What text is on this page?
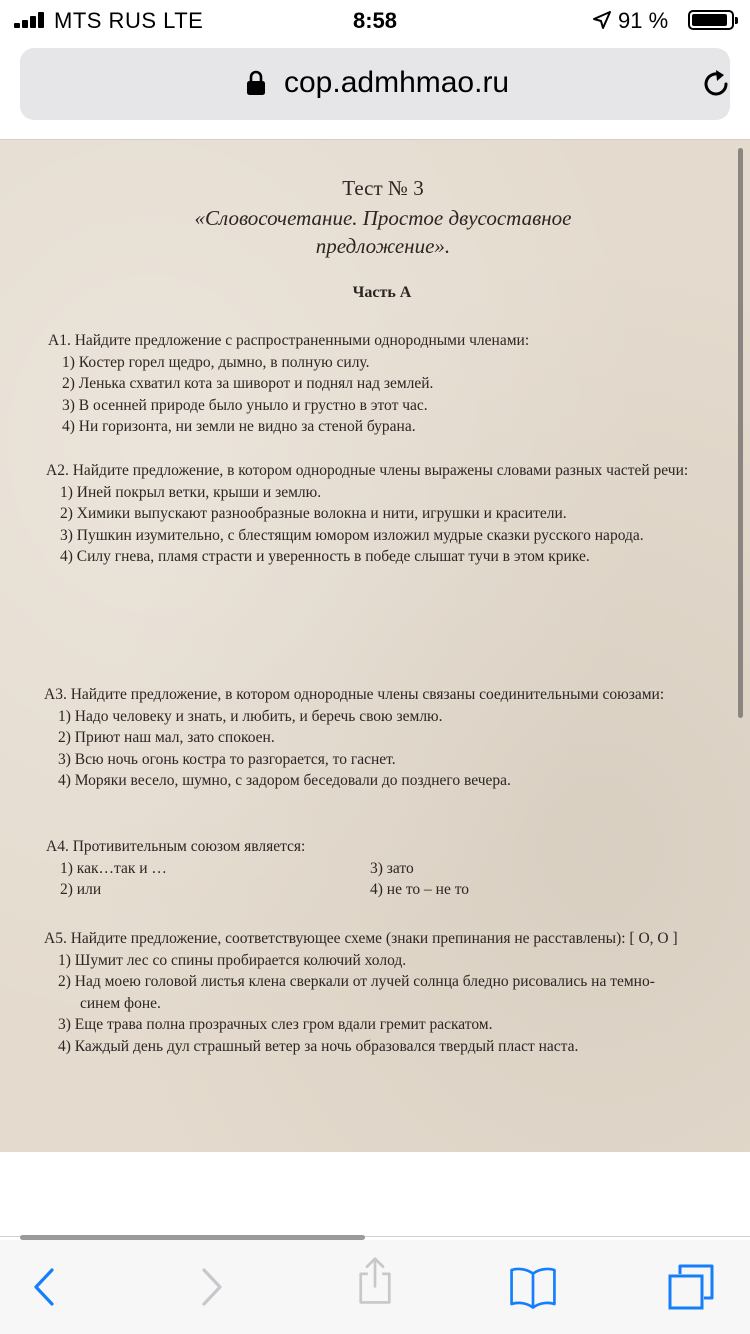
MTS RUS LTE	8:58	91 %
cop.admhmao.ru
Тест № 3
«Словосочетание. Простое двусоставное предложение».
Часть А
А1. Найдите предложение с распространенными однородными членами:
1) Костер горел щедро, дымно, в полную силу.
2) Ленька схватил кота за шиворот и поднял над землей.
3) В осенней природе было уныло и грустно в этот час.
4) Ни горизонта, ни земли не видно за стеной бурана.
А2. Найдите предложение, в котором однородные члены выражены словами разных частей речи:
1) Иней покрыл ветки, крыши и землю.
2) Химики выпускают разнообразные волокна и нити, игрушки и красители.
3) Пушкин изумительно, с блестящим юмором изложил мудрые сказки русского народа.
4) Силу гнева, пламя страсти и уверенность в победе слышат тучи в этом крике.
А3. Найдите предложение, в котором однородные члены связаны соединительными союзами:
1) Надо человеку и знать, и любить, и беречь свою землю.
2) Приют наш мал, зато спокоен.
3) Всю ночь огонь костра то разгорается, то гаснет.
4) Моряки весело, шумно, с задором беседовали до позднего вечера.
А4. Противительным союзом является:
1) как…так и …
2) или
3) зато
4) не то – не то
А5. Найдите предложение, соответствующее схеме (знаки препинания не расставлены): [ О, О ]
1) Шумит лес со спины пробирается колючий холод.
2) Над моею головой листья клена сверкали от лучей солнца бледно рисовались на темно-синем фоне.
3) Еще трава полна прозрачных слез гром вдали гремит раскатом.
4) Каждый день дул страшный ветер за ночь образовался твердый пласт наста.
